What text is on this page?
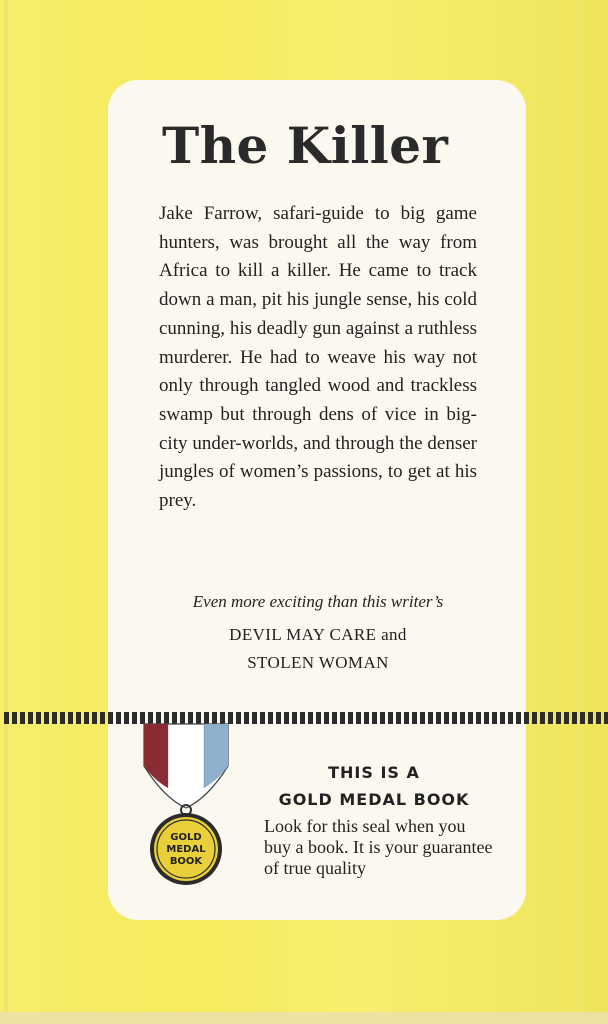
The Killer

Jake Farrow, safari-guide to big game hunters, was brought all the way from Africa to kill a killer. He came to track down a man, pit his jungle sense, his cold cunning, his deadly gun against a ruthless murderer. He had to weave his way not only through tangled wood and trackless swamp but through dens of vice in big-city under-worlds, and through the denser jungles of women’s passions, to get at his prey.

Even more exciting than this writer’s
DEVIL MAY CARE and
STOLEN WOMAN
GOLD
MEDAL
BOOK
THIS IS A
GOLD MEDAL BOOK

Look for this seal when you buy a book. It is your guarantee of true quality
